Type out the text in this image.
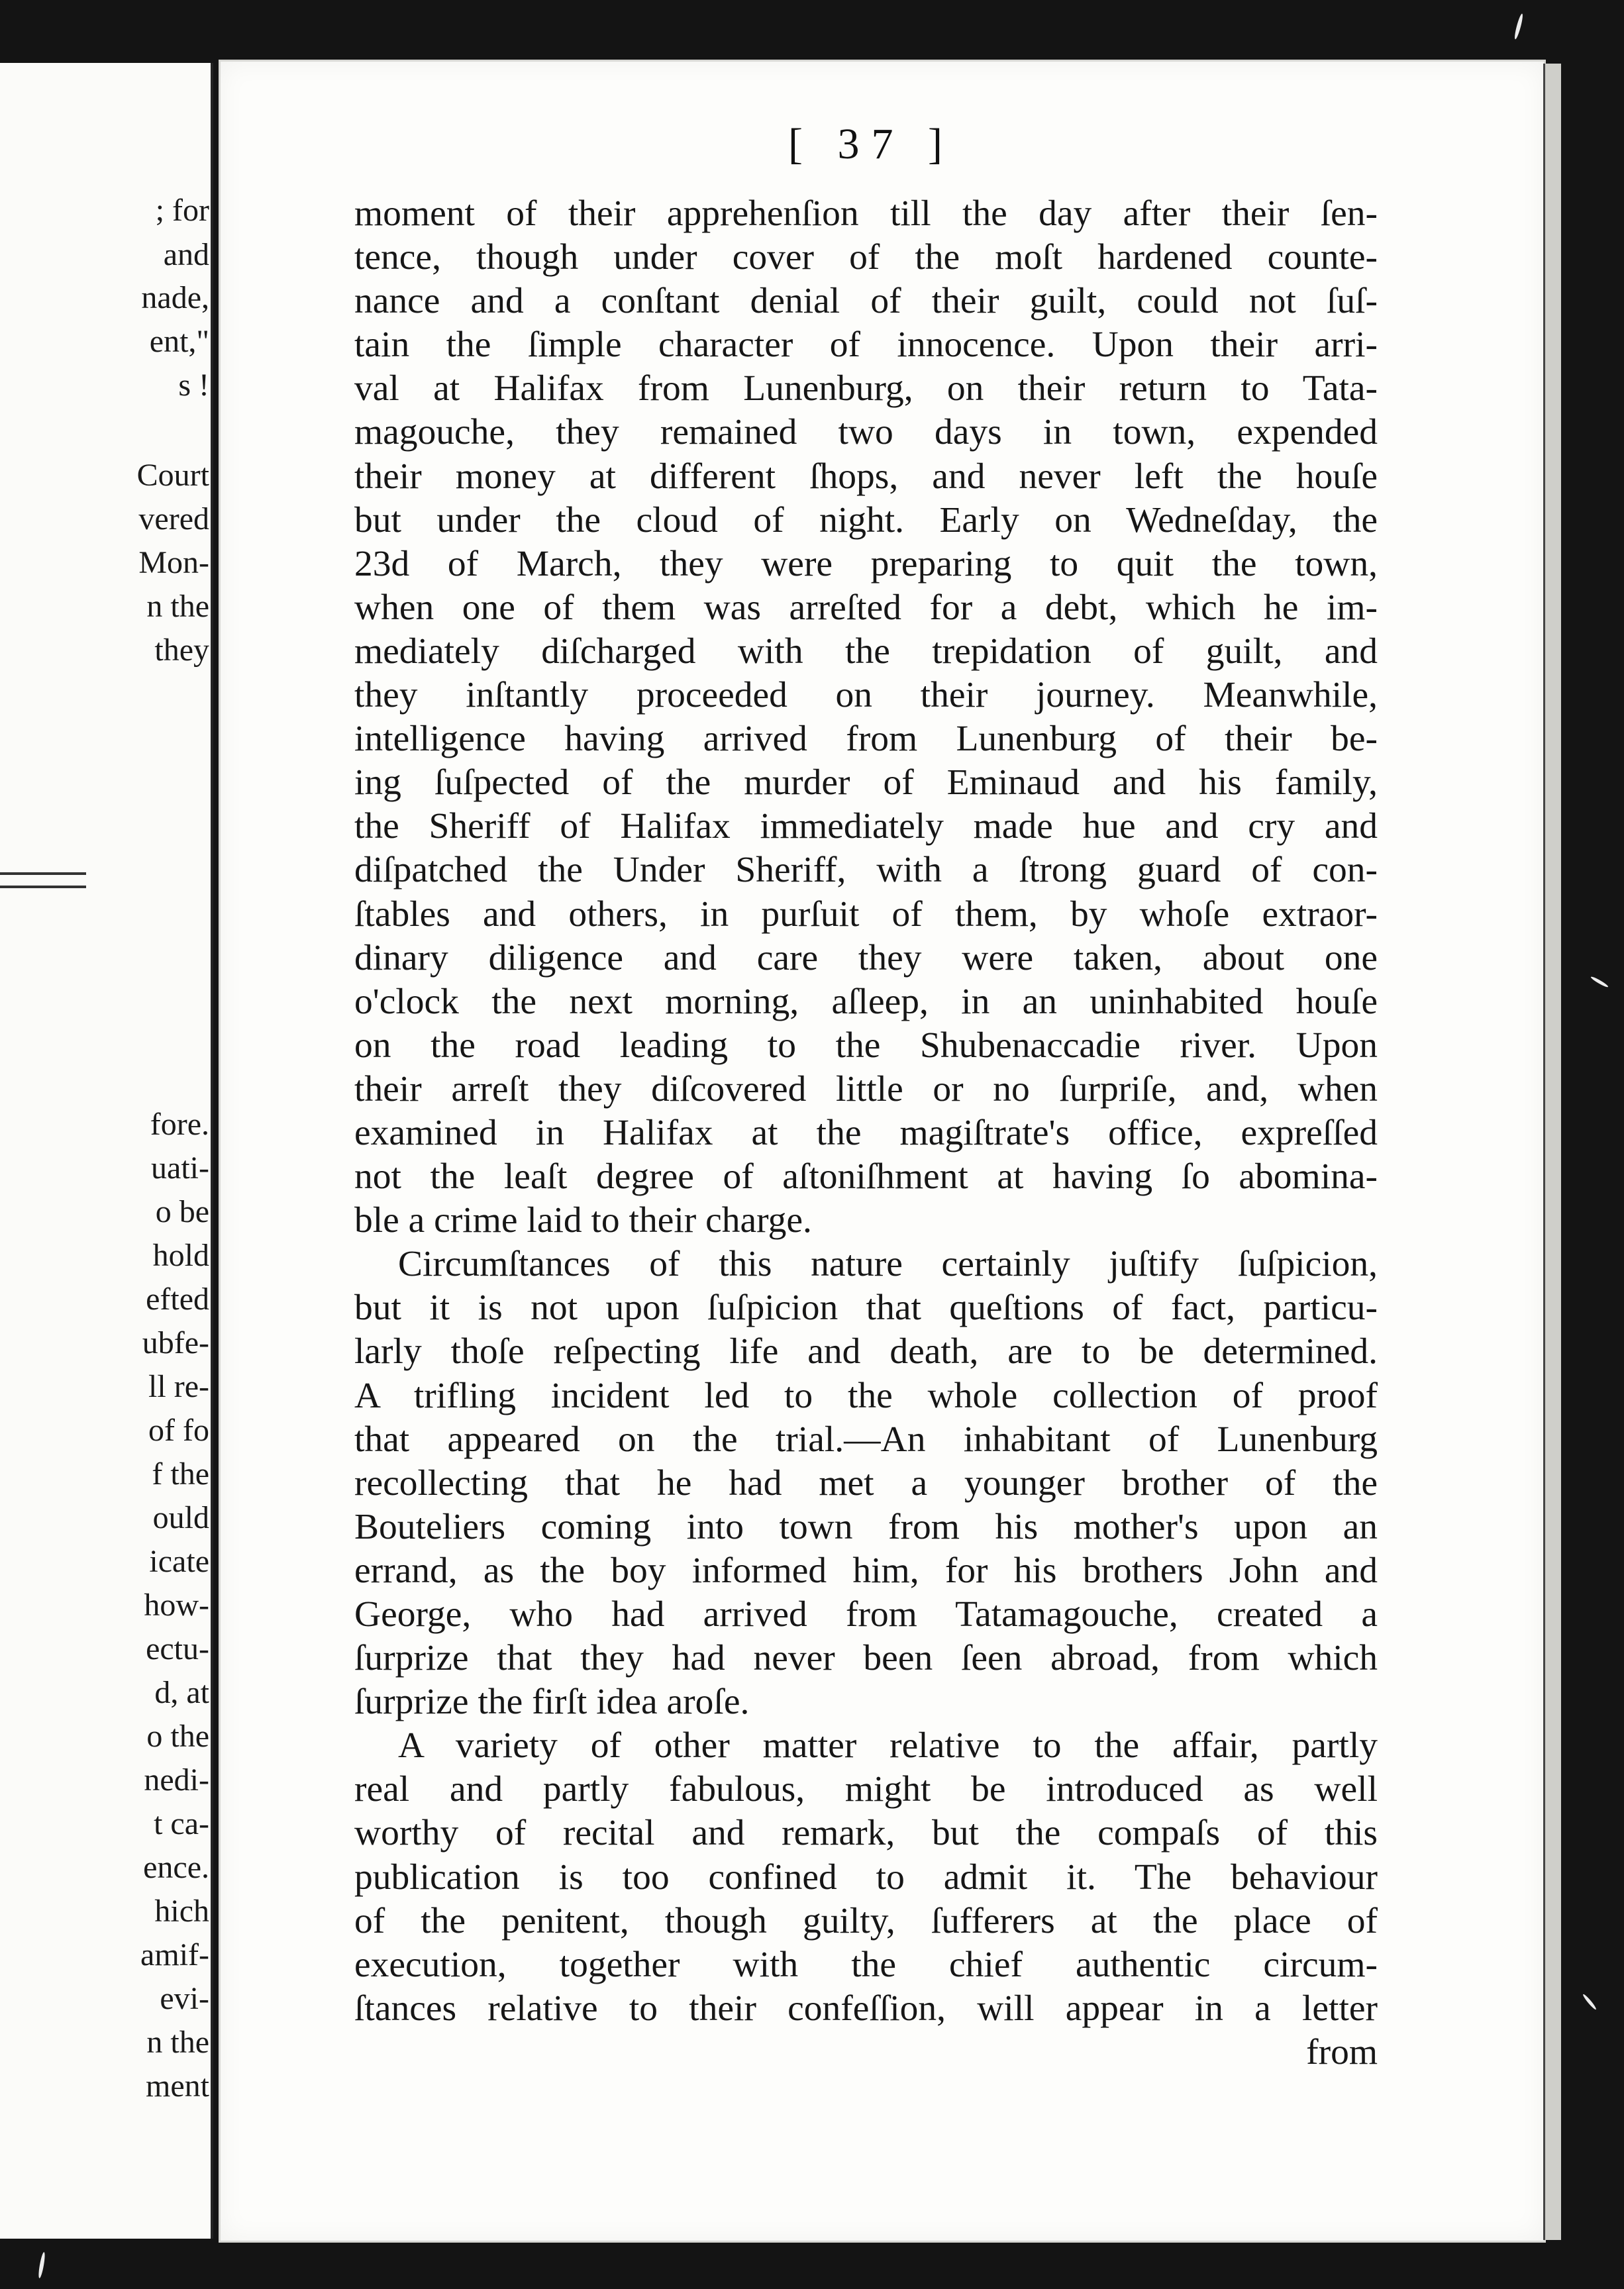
; for
and
nade,
ent,"
s !
Court
vered
Mon-
n the
they
fore.
uati-
o be
hold
efted
ubfe-
ll re-
of fo
f the
ould
icate
how-
ectu-
d, at
o the
nedi-
t ca-
ence.
hich
amif-
evi-
n the
ment
[ 37 ]
moment of their apprehenſion till the day after their ſen-
tence, though under cover of the moſt hardened counte-
nance and a conſtant denial of their guilt, could not ſuſ-
tain the ſimple character of innocence. Upon their arri-
val at Halifax from Lunenburg, on their return to Tata-
magouche, they remained two days in town, expended
their money at different ſhops, and never left the houſe
but under the cloud of night. Early on Wedneſday, the
23d of March, they were preparing to quit the town,
when one of them was arreſted for a debt, which he im-
mediately diſcharged with the trepidation of guilt, and
they inſtantly proceeded on their journey. Meanwhile,
intelligence having arrived from Lunenburg of their be-
ing ſuſpected of the murder of Eminaud and his family,
the Sheriff of Halifax immediately made hue and cry and
diſpatched the Under Sheriff, with a ſtrong guard of con-
ſtables and others, in purſuit of them, by whoſe extraor-
dinary diligence and care they were taken, about one
o'clock the next morning, aſleep, in an uninhabited houſe
on the road leading to the Shubenaccadie river. Upon
their arreſt they diſcovered little or no ſurpriſe, and, when
examined in Halifax at the magiſtrate's office, expreſſed
not the leaſt degree of aſtoniſhment at having ſo abomina-
ble a crime laid to their charge.
Circumſtances of this nature certainly juſtify ſuſpicion,
but it is not upon ſuſpicion that queſtions of fact, particu-
larly thoſe reſpecting life and death, are to be determined.
A trifling incident led to the whole collection of proof
that appeared on the trial.—An inhabitant of Lunenburg
recollecting that he had met a younger brother of the
Bouteliers coming into town from his mother's upon an
errand, as the boy informed him, for his brothers John and
George, who had arrived from Tatamagouche, created a
ſurprize that they had never been ſeen abroad, from which
ſurprize the firſt idea aroſe.
A variety of other matter relative to the affair, partly
real and partly fabulous, might be introduced as well
worthy of recital and remark, but the compaſs of this
publication is too confined to admit it. The behaviour
of the penitent, though guilty, ſufferers at the place of
execution, together with the chief authentic circum-
ſtances relative to their confeſſion, will appear in a letter
from
